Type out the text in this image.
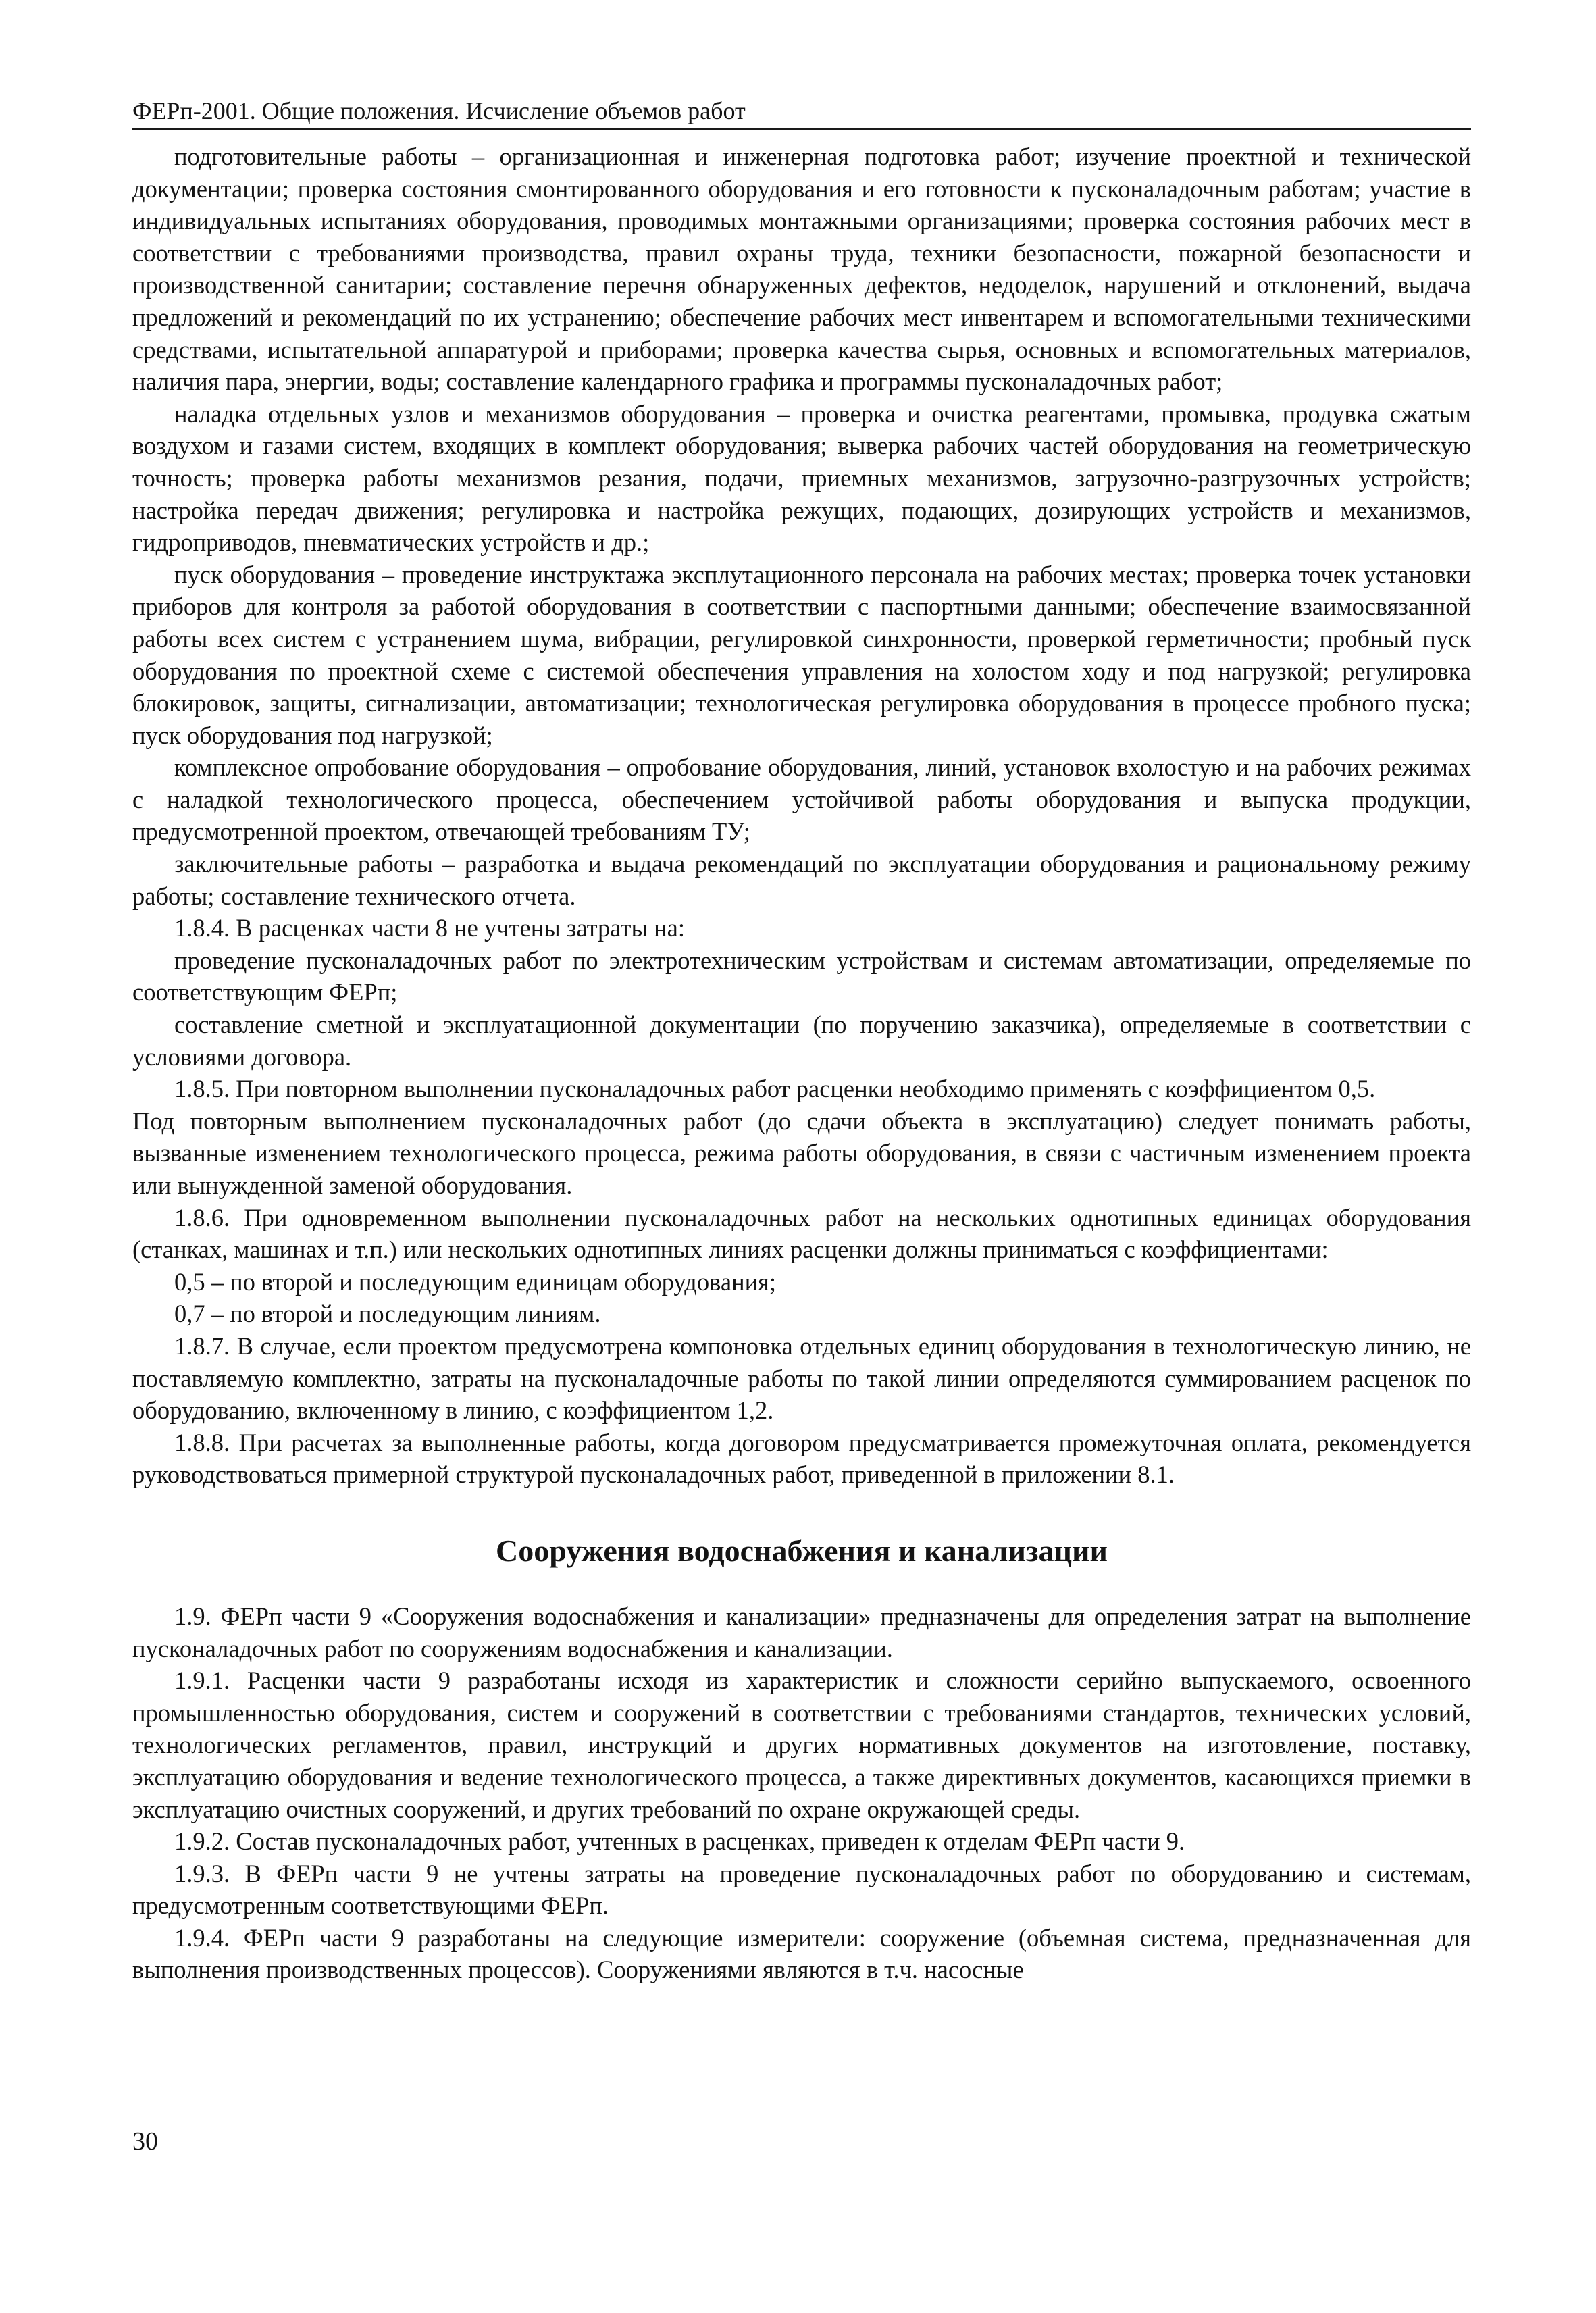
ФЕРп-2001. Общие положения. Исчисление объемов работ

подготовительные работы – организационная и инженерная подготовка работ; изучение проектной и технической документации; проверка состояния смонтированного оборудования и его готовности к пусконаладочным работам; участие в индивидуальных испытаниях оборудования, проводимых монтажными организациями; проверка состояния рабочих мест в соответствии с требованиями производства, правил охраны труда, техники безопасности, пожарной безопасности и производственной санитарии; составление перечня обнаруженных дефектов, недоделок, нарушений и отклонений, выдача предложений и рекомендаций по их устранению; обеспечение рабочих мест инвентарем и вспомогательными техническими средствами, испытательной аппаратурой и приборами; проверка качества сырья, основных и вспомогательных материалов, наличия пара, энергии, воды; составление календарного графика и программы пусконаладочных работ;

наладка отдельных узлов и механизмов оборудования – проверка и очистка реагентами, промывка, продувка сжатым воздухом и газами систем, входящих в комплект оборудования; выверка рабочих частей оборудования на геометрическую точность; проверка работы механизмов резания, подачи, приемных механизмов, загрузочно-разгрузочных устройств; настройка передач движения; регулировка и настройка режущих, подающих, дозирующих устройств и механизмов, гидроприводов, пневматических устройств и др.;

пуск оборудования – проведение инструктажа эксплутационного персонала на рабочих местах; проверка точек установки приборов для контроля за работой оборудования в соответствии с паспортными данными; обеспечение взаимосвязанной работы всех систем с устранением шума, вибрации, регулировкой синхронности, проверкой герметичности; пробный пуск оборудования по проектной схеме с системой обеспечения управления на холостом ходу и под нагрузкой; регулировка блокировок, защиты, сигнализации, автоматизации; технологическая регулировка оборудования в процессе пробного пуска; пуск оборудования под нагрузкой;

комплексное опробование оборудования – опробование оборудования, линий, установок вхолостую и на рабочих режимах с наладкой технологического процесса, обеспечением устойчивой работы оборудования и выпуска продукции, предусмотренной проектом, отвечающей требованиям ТУ;

заключительные работы – разработка и выдача рекомендаций по эксплуатации оборудования и рациональному режиму работы; составление технического отчета.

1.8.4. В расценках части 8 не учтены затраты на:

проведение пусконаладочных работ по электротехническим устройствам и системам автоматизации, определяемые по соответствующим ФЕРп;

составление сметной и эксплуатационной документации (по поручению заказчика), определяемые в соответствии с условиями договора.

1.8.5. При повторном выполнении пусконаладочных работ расценки необходимо применять с коэффициентом 0,5.

Под повторным выполнением пусконаладочных работ (до сдачи объекта в эксплуатацию) следует понимать работы, вызванные изменением технологического процесса, режима работы оборудования, в связи с частичным изменением проекта или вынужденной заменой оборудования.

1.8.6. При одновременном выполнении пусконаладочных работ на нескольких однотипных единицах оборудования (станках, машинах и т.п.) или нескольких однотипных линиях расценки должны приниматься с коэффициентами:

0,5 – по второй и последующим единицам оборудования;

0,7 – по второй и последующим линиям.

1.8.7. В случае, если проектом предусмотрена компоновка отдельных единиц оборудования в технологическую линию, не поставляемую комплектно, затраты на пусконаладочные работы по такой линии определяются суммированием расценок по оборудованию, включенному в линию, с коэффициентом 1,2.

1.8.8. При расчетах за выполненные работы, когда договором предусматривается промежуточная оплата, рекомендуется руководствоваться примерной структурой пусконаладочных работ, приведенной в приложении 8.1.

Сооружения водоснабжения и канализации

1.9. ФЕРп части 9 «Сооружения водоснабжения и канализации» предназначены для определения затрат на выполнение пусконаладочных работ по сооружениям водоснабжения и канализации.

1.9.1. Расценки части 9 разработаны исходя из характеристик и сложности серийно выпускаемого, освоенного промышленностью оборудования, систем и сооружений в соответствии с требованиями стандартов, технических условий, технологических регламентов, правил, инструкций и других нормативных документов на изготовление, поставку, эксплуатацию оборудования и ведение технологического процесса, а также директивных документов, касающихся приемки в эксплуатацию очистных сооружений, и других требований по охране окружающей среды.

1.9.2. Состав пусконаладочных работ, учтенных в расценках, приведен к отделам ФЕРп части 9.

1.9.3. В ФЕРп части 9 не учтены затраты на проведение пусконаладочных работ по оборудованию и системам, предусмотренным соответствующими ФЕРп.

1.9.4. ФЕРп части 9 разработаны на следующие измерители: сооружение (объемная система, предназначенная для выполнения производственных процессов). Сооружениями являются в т.ч. насосные

30
